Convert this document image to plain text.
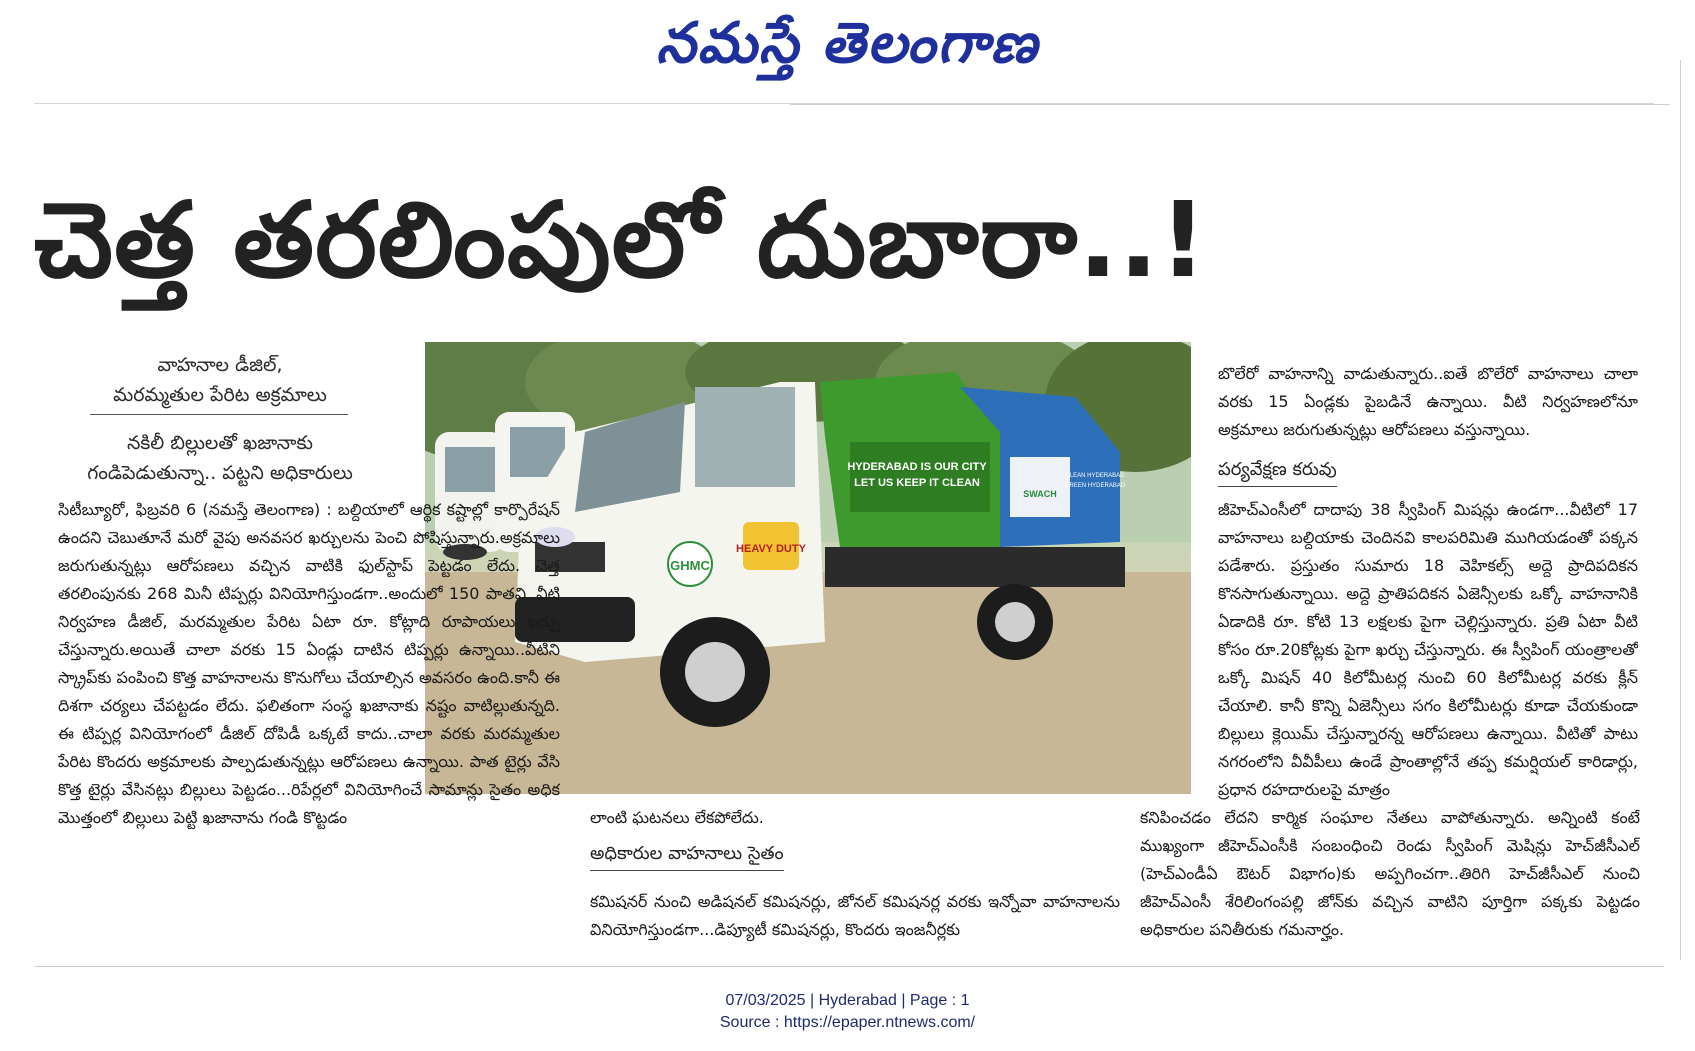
నమస్తే తెలంగాణ
చెత్త తరలింపులో దుబారా..!
వాహనాల డీజిల్,
మరమ్మతుల పేరిట అక్రమాలు
నకిలీ బిల్లులతో ఖజానాకు
గండిపెడుతున్నా.. పట్టని అధికారులు
GHMC
HEAVY DUTY
HYDERABAD IS OUR CITY
LET US KEEP IT CLEAN
SWACH
CLEAN HYDERABAD
GREEN HYDERABAD

సిటీబ్యూరో, ఫిబ్రవరి 6 (నమస్తే తెలంగాణ) : బల్దియాలో ఆర్థిక కష్టాల్లో కార్పొరేషన్ ఉందని చెబుతూనే మరో వైపు అనవసర ఖర్చులను పెంచి పోషిస్తున్నారు.అక్రమాలు జరుగుతున్నట్లు ఆరోపణలు వచ్చిన వాటికి ఫుల్‌స్టాప్ పెట్టడం లేదు. చెత్త తరలింపునకు 268 మినీ టిప్పర్లు వినియోగిస్తుండగా..అందులో 150 పాతవి..వీటి నిర్వహణ డీజిల్, మరమ్మతుల పేరిట ఏటా రూ. కోట్లాది రూపాయలు ఖర్చు చేస్తున్నారు.అయితే చాలా వరకు 15 ఏండ్లు దాటిన టిప్పర్లు ఉన్నాయి..వీటిని స్క్రాప్‌కు పంపించి కొత్త వాహనాలను కొనుగోలు చేయాల్సిన అవసరం ఉంది.కానీ ఈ దిశగా చర్యలు చేపట్టడం లేదు. ఫలితంగా సంస్థ ఖజానాకు నష్టం వాటిల్లుతున్నది. ఈ టిప్పర్ల వినియోగంలో డీజిల్ దోపిడీ ఒక్కటే కాదు..చాలా వరకు మరమ్మతుల పేరిట కొందరు అక్రమాలకు పాల్పడుతున్నట్లు ఆరోపణలు ఉన్నాయి. పాత టైర్లు వేసి కొత్త టైర్లు వేసినట్లు బిల్లులు పెట్టడం...రిపేర్లలో వినియోగించే సామాన్లు సైతం అధిక మొత్తంలో బిల్లులు పెట్టి ఖజానాను గండి కొట్టడం	లాంటి ఘటనలు లేకపోలేదు.

అధికారుల వాహనాలు సైతం

కమిషనర్ నుంచి అడిషనల్ కమిషనర్లు, జోనల్ కమిషనర్ల వరకు ఇన్నోవా వాహనాలను వినియోగిస్తుండగా...డిప్యూటీ కమిషనర్లు, కొందరు ఇంజనీర్లకు

బొలేరో వాహనాన్ని వాడుతున్నారు..ఐతే బొలేరో వాహనాలు చాలా వరకు 15 ఏండ్లకు పైబడినే ఉన్నాయి. వీటి నిర్వహణలోనూ అక్రమాలు జరుగుతున్నట్లు ఆరోపణలు వస్తున్నాయి.

పర్యవేక్షణ కరువు

జీహెచ్ఎంసీలో దాదాపు 38 స్వీపింగ్ మిషన్లు ఉండగా...వీటిలో 17 వాహనాలు బల్దియాకు చెందినవి కాలపరిమితి ముగియడంతో పక్కన పడేశారు. ప్రస్తుతం సుమారు 18 వెహికల్స్ అద్దె ప్రాదిపదికన కొనసాగుతున్నాయి. అద్దె ప్రాతిపదికన ఏజెన్సీలకు ఒక్కో వాహనానికి ఏడాదికి రూ. కోటి 13 లక్షలకు పైగా చెల్లిస్తున్నారు. ప్రతి ఏటా వీటి కోసం రూ.20కోట్లకు పైగా ఖర్చు చేస్తున్నారు. ఈ స్వీపింగ్ యంత్రాలతో ఒక్కో మిషన్ 40 కిలోమీటర్ల నుంచి 60 కిలోమీటర్ల వరకు క్లీన్ చేయాలి. కానీ కొన్ని ఏజెన్సీలు సగం కిలోమీటర్లు కూడా చేయకుండా బిల్లులు క్లెయిమ్ చేస్తున్నారన్న ఆరోపణలు ఉన్నాయి. వీటితో పాటు నగరంలోని వీవీపీలు ఉండే ప్రాంతాల్లోనే తప్ప కమర్షియల్ కారిడార్లు, ప్రధాన రహదారులపై మాత్రం

కనిపించడం లేదని కార్మిక సంఘాల నేతలు వాపోతున్నారు. అన్నింటి కంటే ముఖ్యంగా జీహెచ్ఎంసీకి సంబంధించి రెండు స్వీపింగ్ మెషిన్లు హెచ్‌జీసీఎల్ (హెచ్ఎండీఏ ఔటర్ విభాగం)కు అప్పగించగా..తిరిగి హెచ్‌జీసీఎల్ నుంచి జీహెచ్ఎంసీ శేరిలింగంపల్లి జోన్‌కు వచ్చిన వాటిని పూర్తిగా పక్కకు పెట్టడం అధికారుల పనితీరుకు గమనార్హం.

07/03/2025 | Hyderabad | Page : 1
Source : https://epaper.ntnews.com/
